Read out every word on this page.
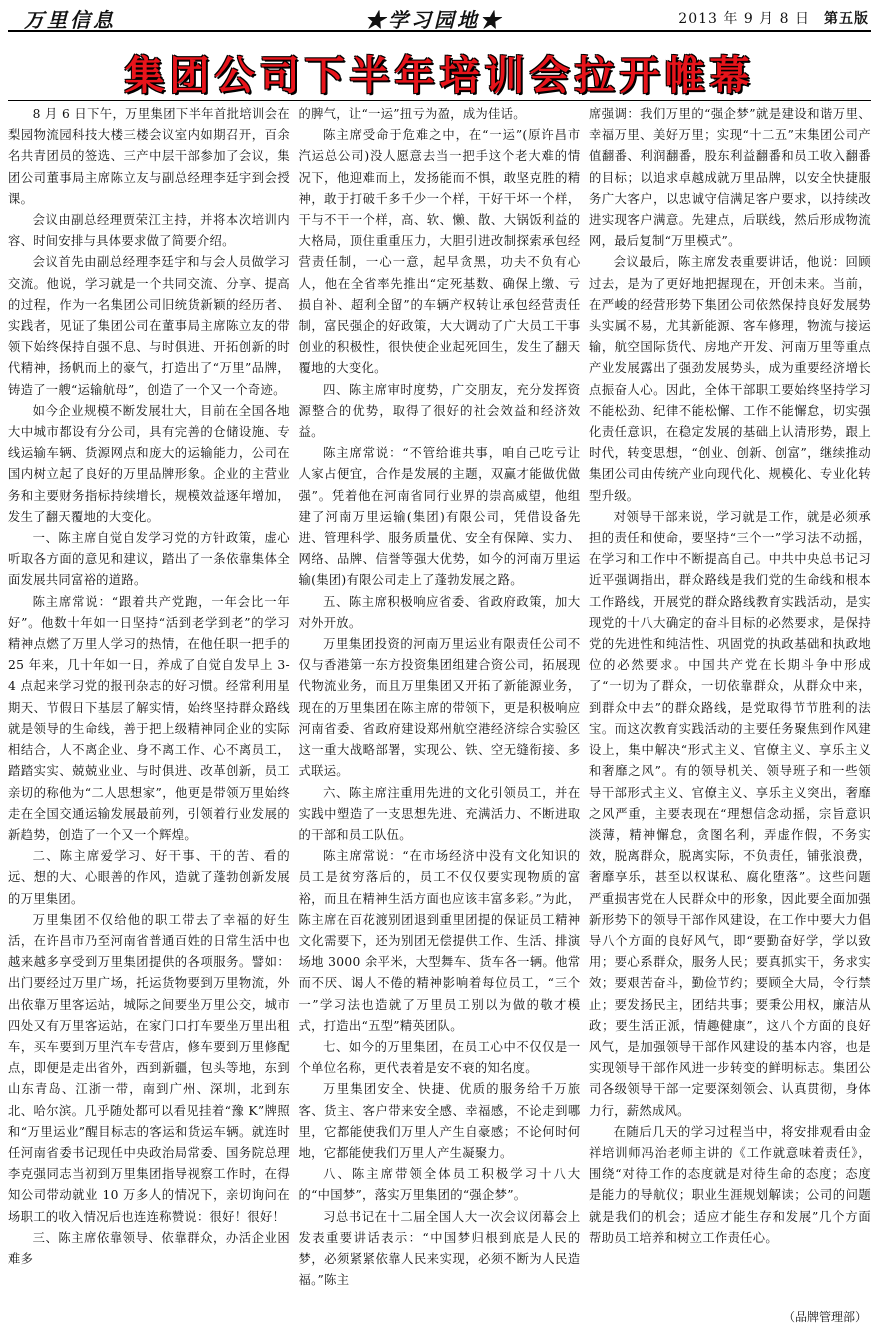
万里信息	★学习园地★	2013 年 9 月 8 日 第五版
集团公司下半年培训会拉开帷幕

8 月 6 日下午，万里集团下半年首批培训会在梨园物流园科技大楼三楼会议室内如期召开，百余名共青团员的签选、三产中层干部参加了会议，集团公司董事局主席陈立友与副总经理李廷宇到会授课。

会议由副总经理贾荣江主持，并将本次培训内容、时间安排与具体要求做了简要介绍。

会议首先由副总经理李廷宇和与会人员做学习交流。他说，学习就是一个共同交流、分享、提高的过程，作为一名集团公司旧统货新颖的经历者、实践者，见证了集团公司在董事局主席陈立友的带领下始终保持自强不息、与时俱进、开拓创新的时代精神，扬帆而上的豪气，打造出了“万里”品牌，铸造了一艘“运输航母”，创造了一个又一个奇迹。

如今企业规模不断发展壮大，目前在全国各地大中城市都设有分公司，具有完善的仓储设施、专线运输车辆、货源网点和庞大的运输能力，公司在国内树立起了良好的万里品牌形象。企业的主营业务和主要财务指标持续增长，规模效益逐年增加，发生了翻天覆地的大变化。

一、陈主席自觉自发学习党的方针政策，虚心听取各方面的意见和建议，踏出了一条依靠集体全面发展共同富裕的道路。

陈主席常说：“跟着共产党跑，一年会比一年好”。他数十年如一日坚持“活到老学到老”的学习精神点燃了万里人学习的热情，在他任职一把手的 25 年来，几十年如一日，养成了自觉自发早上 3-4 点起来学习党的报刊杂志的好习惯。经常利用星期天、节假日下基层了解实情，始终坚持群众路线就是领导的生命线，善于把上级精神同企业的实际相结合，人不离企业、身不离工作、心不离员工，踏踏实实、兢兢业业、与时俱进、改革创新，员工亲切的称他为“二人思想家”，他更是带领万里始终走在全国交通运输发展最前列，引领着行业发展的新趋势，创造了一个又一个辉煌。

二、陈主席爱学习、好干事、干的苦、看的远、想的大、心眼善的作风，造就了蓬勃创新发展的万里集团。

万里集团不仅给他的职工带去了幸福的好生活，在许昌市乃至河南省普通百姓的日常生活中也越来越多享受到万里集团提供的各项服务。譬如：出门要经过万里广场，托运货物要到万里物流，外出依靠万里客运站，城际之间要坐万里公交，城市四处又有万里客运站，在家门口打车要坐万里出租车，买车要到万里汽车专营店，修车要到万里修配点，即便是走出省外，西到新疆，包头等地，东到山东青岛、江浙一带，南到广州、深圳，北到东北、哈尔滨。几乎随处都可以看见挂着“豫 K”牌照和“万里运业”醒目标志的客运和货运车辆。就连时任河南省委书记现任中央政治局常委、国务院总理李克强同志当初到万里集团指导视察工作时，在得知公司带动就业 10 万多人的情况下，亲切询问在场职工的收入情况后也连连称赞说：很好！很好！

三、陈主席依靠领导、依靠群众，办活企业困难多

的脾气，让“一运”扭亏为盈，成为佳话。

陈主席受命于危难之中，在“一运”(原许昌市汽运总公司)没人愿意去当一把手这个老大难的情况下，他迎难而上，发扬能而不惧，敢坚克胜的精神，敢于打破千多千少一个样，干好干坏一个样，干与不干一个样，高、软、懒、散、大锅饭利益的大格局，顶住重重压力，大胆引进改制探索承包经营责任制，一心一意，起早贪黑，功夫不负有心人，他在全省率先推出“定死基数、确保上缴、亏损自补、超利全留”的车辆产权转让承包经营责任制，富民强企的好政策，大大调动了广大员工干事创业的积极性，很快使企业起死回生，发生了翻天覆地的大变化。

四、陈主席审时度势，广交朋友，充分发挥资源整合的优势，取得了很好的社会效益和经济效益。

陈主席常说：“不管给谁共事，咱自己吃亏让人家占便宜，合作是发展的主题，双赢才能做优做强”。凭着他在河南省同行业界的崇高威望，他组建了河南万里运输(集团)有限公司，凭借设备先进、管理科学、服务质量优、安全有保障、实力、网络、品牌、信誉等强大优势，如今的河南万里运输(集团)有限公司走上了蓬勃发展之路。

五、陈主席积极响应省委、省政府政策，加大对外开放。

万里集团投资的河南万里运业有限责任公司不仅与香港第一东方投资集团组建合资公司，拓展现代物流业务，而且万里集团又开拓了新能源业务，现在的万里集团在陈主席的带领下，更是积极响应河南省委、省政府建设郑州航空港经济综合实验区这一重大战略部署，实现公、铁、空无缝衔接、多式联运。

六、陈主席注重用先进的文化引领员工，并在实践中塑造了一支思想先进、充满活力、不断进取的干部和员工队伍。

陈主席常说：“在市场经济中没有文化知识的员工是贫穷落后的，员工不仅仅要实现物质的富裕，而且在精神生活方面也应该丰富多彩。”为此，陈主席在百花渡别团退到重里团提的保证员工精神文化需要下，还为别团无偿提供工作、生活、排演场地 3000 余平米，大型舞车、货车各一辆。他常而不厌、谒人不倦的精神影响着每位员工，“三个一”学习法也造就了万里员工别以为做的敬才模式，打造出“五型”精英团队。

七、如今的万里集团，在员工心中不仅仅是一个单位名称，更代表着是安不衰的知名度。

万里集团安全、快捷、优质的服务给千万旅客、货主、客户带来安全感、幸福感，不论走到哪里，它都能使我们万里人产生自豪感；不论何时何地，它都能使我们万里人产生凝聚力。

八、陈主席带领全体员工积极学习十八大的“中国梦”，落实万里集团的“强企梦”。

习总书记在十二届全国人大一次会议闭幕会上发表重要讲话表示：“中国梦归根到底是人民的梦，必须紧紧依靠人民来实现，必须不断为人民造福。”陈主

席强调：我们万里的“强企梦”就是建设和谐万里、幸福万里、美好万里；实现“十二五”末集团公司产值翻番、利润翻番，股东利益翻番和员工收入翻番的目标；以追求卓越成就万里品牌，以安全快捷服务广大客户，以忠诚守信满足客户要求，以持续改进实现客户满意。先建点，后联线，然后形成物流网，最后复制“万里模式”。

会议最后，陈主席发表重要讲话，他说：回顾过去，是为了更好地把握现在，开创未来。当前，在严峻的经营形势下集团公司依然保持良好发展势头实属不易，尤其新能源、客车修理，物流与接运输，航空国际货代、房地产开发、河南万里等重点产业发展露出了强劲发展势头，成为重要经济增长点振奋人心。因此，全体干部职工要始终坚持学习不能松劲、纪律不能松懈、工作不能懈怠，切实强化责任意识，在稳定发展的基础上认清形势，跟上时代，转变思想，“创业、创新、创富”，继续推动集团公司由传统产业向现代化、规模化、专业化转型升级。

对领导干部来说，学习就是工作，就是必须承担的责任和使命，要坚持“三个一”学习法不动摇，在学习和工作中不断提高自己。中共中央总书记习近平强调指出，群众路线是我们党的生命线和根本工作路线，开展党的群众路线教育实践活动，是实现党的十八大确定的奋斗目标的必然要求，是保持党的先进性和纯洁性、巩固党的执政基础和执政地位的必然要求。中国共产党在长期斗争中形成了“一切为了群众，一切依靠群众，从群众中来，到群众中去”的群众路线，是党取得节节胜利的法宝。而这次教育实践活动的主要任务聚焦到作风建设上，集中解决“形式主义、官僚主义、享乐主义和奢靡之风”。有的领导机关、领导班子和一些领导干部形式主义、官僚主义、享乐主义突出，奢靡之风严重，主要表现在“理想信念动摇，宗旨意识淡薄，精神懈怠，贪图名利，弄虚作假，不务实效，脱离群众，脱离实际，不负责任，铺张浪费，奢靡享乐，甚至以权谋私、腐化堕落”。这些问题严重损害党在人民群众中的形象，因此要全面加强新形势下的领导干部作风建设，在工作中要大力倡导八个方面的良好风气，即“要勤奋好学，学以致用；要心系群众，服务人民；要真抓实干，务求实效；要艰苦奋斗，勤俭节约；要顾全大局，令行禁止；要发扬民主，团结共事；要秉公用权，廉洁从政；要生活正派，情趣健康”，这八个方面的良好风气，是加强领导干部作风建设的基本内容，也是实现领导干部作风进一步转变的鲜明标志。集团公司各级领导干部一定要深刻领会、认真贯彻，身体力行，薪然成风。

在随后几天的学习过程当中，将安排观看由金祥培训师冯治老师主讲的《工作就意味着责任》，围绕“对待工作的态度就是对待生命的态度；态度是能力的导航仪；职业生涯规划解读；公司的问题就是我们的机会；适应才能生存和发展”几个方面帮助员工培养和树立工作责任心。

（品牌管理部）
